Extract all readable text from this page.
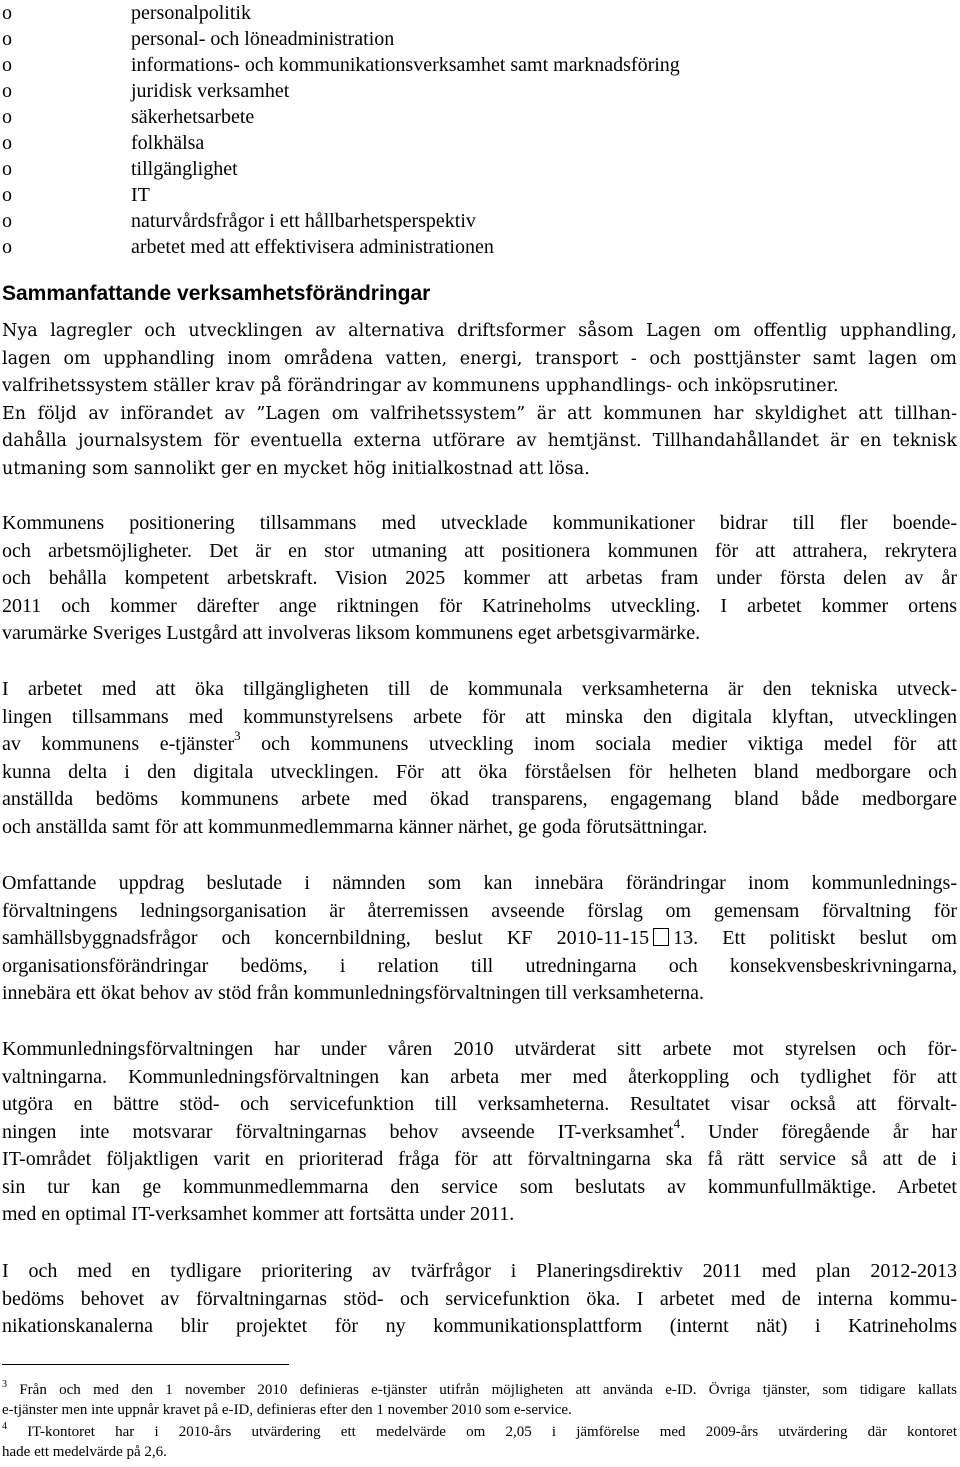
o	personalpolitik
o	personal- och löneadministration
o	informations- och kommunikationsverksamhet samt marknadsföring
o	juridisk verksamhet
o	säkerhetsarbete
o	folkhälsa
o	tillgänglighet
o	IT
o	naturvårdsfrågor i ett hållbarhetsperspektiv
o	arbetet med att effektivisera administrationen
Sammanfattande verksamhetsförändringar

Nya lagregler och utvecklingen av alternativa driftsformer såsom Lagen om offentlig upphandling,
lagen om upphandling inom områdena vatten, energi, transport - och posttjänster samt lagen om
valfrihetssystem ställer krav på förändringar av kommunens upphandlings- och inköpsrutiner.
En följd av införandet av ”Lagen om valfrihetssystem” är att kommunen har skyldighet att tillhan-
dahålla journalsystem för eventuella externa utförare av hemtjänst. Tillhandahållandet är en teknisk
utmaning som sannolikt ger en mycket hög initialkostnad att lösa.

Kommunens positionering tillsammans med utvecklade kommunikationer bidrar till fler boende-
och arbetsmöjligheter. Det är en stor utmaning att positionera kommunen för att attrahera, rekrytera
och behålla kompetent arbetskraft. Vision 2025 kommer att arbetas fram under första delen av år
2011 och kommer därefter ange riktningen för Katrineholms utveckling. I arbetet kommer ortens
varumärke Sveriges Lustgård att involveras liksom kommunens eget arbetsgivarmärke.

I arbetet med att öka tillgängligheten till de kommunala verksamheterna är den tekniska utveck-
lingen tillsammans med kommunstyrelsens arbete för att minska den digitala klyftan, utvecklingen
av kommunens e-tjänster$^3$ och kommunens utveckling inom sociala medier viktiga medel för att
kunna delta i den digitala utvecklingen. För att öka förståelsen för helheten bland medborgare och
anställda bedöms kommunens arbete med ökad transparens, engagemang bland både medborgare
och anställda samt för att kommunmedlemmarna känner närhet, ge goda förutsättningar.

Omfattande uppdrag beslutade i nämnden som kan innebära förändringar inom kommunlednings-
förvaltningens ledningsorganisation är återremissen avseende förslag om gemensam förvaltning för
samhällsbyggnadsfrågor och koncernbildning, beslut KF 2010-11-15 13. Ett politiskt beslut om
organisationsförändringar bedöms, i relation till utredningarna och konsekvensbeskrivningarna,
innebära ett ökat behov av stöd från kommunledningsförvaltningen till verksamheterna.

Kommunledningsförvaltningen har under våren 2010 utvärderat sitt arbete mot styrelsen och för-
valtningarna. Kommunledningsförvaltningen kan arbeta mer med återkoppling och tydlighet för att
utgöra en bättre stöd- och servicefunktion till verksamheterna. Resultatet visar också att förvalt-
ningen inte motsvarar förvaltningarnas behov avseende IT-verksamhet$^4$. Under föregående år har
IT-området följaktligen varit en prioriterad fråga för att förvaltningarna ska få rätt service så att de i
sin tur kan ge kommunmedlemmarna den service som beslutats av kommunfullmäktige. Arbetet
med en optimal IT-verksamhet kommer att fortsätta under 2011.

I och med en tydligare prioritering av tvärfrågor i Planeringsdirektiv 2011 med plan 2012-2013
bedöms behovet av förvaltningarnas stöd- och servicefunktion öka. I arbetet med de interna kommu-
nikationskanalerna blir projektet för ny kommunikationsplattform (internt nät) i Katrineholms

$^3$ Från och med den 1 november 2010 definieras e-tjänster utifrån möjligheten att använda e-ID. Övriga tjänster, som tidigare kallats
e-tjänster men inte uppnår kravet på e-ID, definieras efter den 1 november 2010 som e-service.

$^4$ IT-kontoret har i 2010-års utvärdering ett medelvärde om 2,05 i jämförelse med 2009-års utvärdering där kontoret
hade ett medelvärde på 2,6.
